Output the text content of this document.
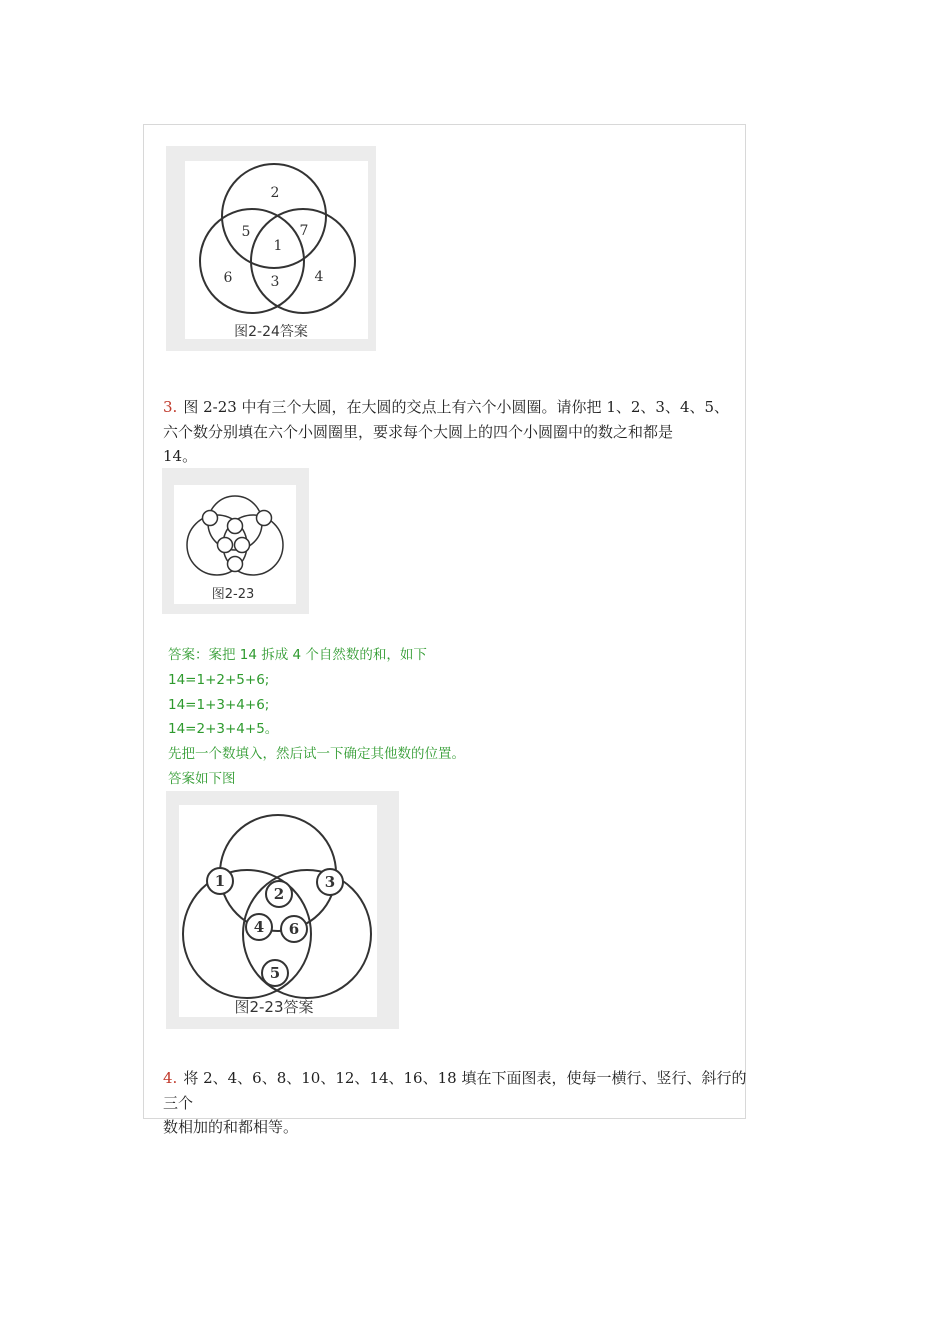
2
5	7
1
6	3	4
图2-24答案
3. 图 2-23 中有三个大圆，在大圆的交点上有六个小圆圈。请你把 1、2、3、4、5、
六个数分别填在六个小圆圈里，要求每个大圆上的四个小圆圈中的数之和都是
14。
图2-23
答案：案把 14 拆成 4 个自然数的和，如下
14=1+2+5+6;
14=1+3+4+6;
14=2+3+4+5。
先把一个数填入，然后试一下确定其他数的位置。
答案如下图
1
2
3
4 6
5
图2-23答案
4. 将 2、4、6、8、10、12、14、16、18 填在下面图表，使每一横行、竖行、斜行的三个
数相加的和都相等。
